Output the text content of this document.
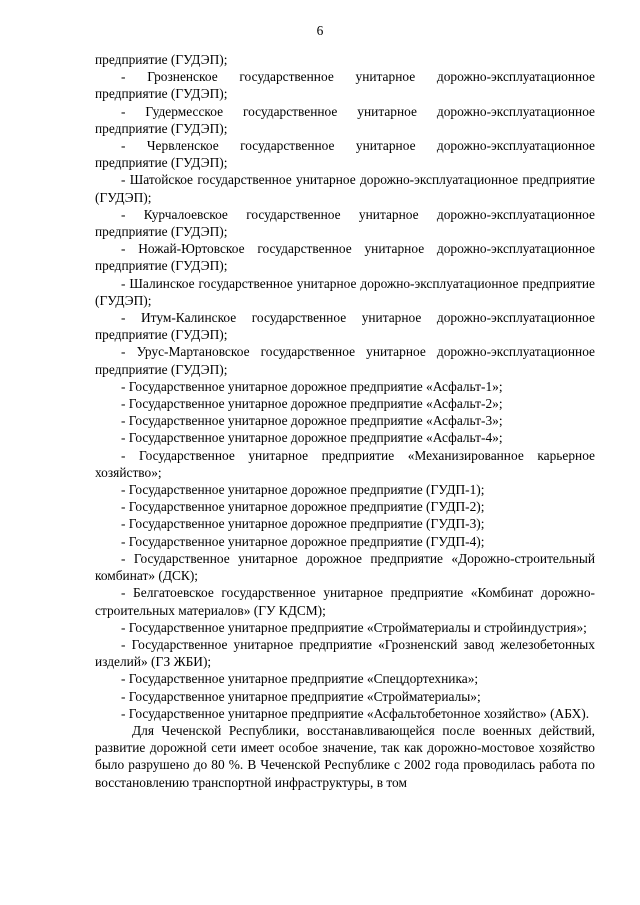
6

предприятие (ГУДЭП);

- Грозненское государственное унитарное дорожно-эксплуатационное предприятие (ГУДЭП);

- Гудермесское государственное унитарное дорожно-эксплуатационное предприятие (ГУДЭП);

- Червленское государственное унитарное дорожно-эксплуатационное предприятие (ГУДЭП);

- Шатойское государственное унитарное дорожно-эксплуатационное предприятие (ГУДЭП);

- Курчалоевское государственное унитарное дорожно-эксплуатационное предприятие (ГУДЭП);

- Ножай-Юртовское государственное унитарное дорожно-эксплуатационное предприятие (ГУДЭП);

- Шалинское государственное унитарное дорожно-эксплуатационное предприятие (ГУДЭП);

- Итум-Калинское государственное унитарное дорожно-эксплуатационное предприятие (ГУДЭП);

- Урус-Мартановское государственное унитарное дорожно-эксплуатационное предприятие (ГУДЭП);

- Государственное унитарное дорожное предприятие «Асфальт-1»;

- Государственное унитарное дорожное предприятие «Асфальт-2»;

- Государственное унитарное дорожное предприятие «Асфальт-3»;

- Государственное унитарное дорожное предприятие «Асфальт-4»;

- Государственное унитарное предприятие «Механизированное карьерное хозяйство»;

- Государственное унитарное дорожное предприятие (ГУДП-1);

- Государственное унитарное дорожное предприятие (ГУДП-2);

- Государственное унитарное дорожное предприятие (ГУДП-3);

- Государственное унитарное дорожное предприятие (ГУДП-4);

- Государственное унитарное дорожное предприятие «Дорожно-строительный комбинат» (ДСК);

- Белгатоевское государственное унитарное предприятие «Комбинат дорожно-строительных материалов» (ГУ КДСМ);

- Государственное унитарное предприятие «Стройматериалы и стройиндустрия»;

- Государственное унитарное предприятие «Грозненский завод железобетонных изделий» (ГЗ ЖБИ);

- Государственное унитарное предприятие «Спецдортехника»;

- Государственное унитарное предприятие «Стройматериалы»;

- Государственное унитарное предприятие «Асфальтобетонное хозяйство» (АБХ).

Для Чеченской Республики, восстанавливающейся после военных действий, развитие дорожной сети имеет особое значение, так как дорожно-мостовое хозяйство было разрушено до 80 %. В Чеченской Республике с 2002 года проводилась работа по восстановлению транспортной инфраструктуры, в том
